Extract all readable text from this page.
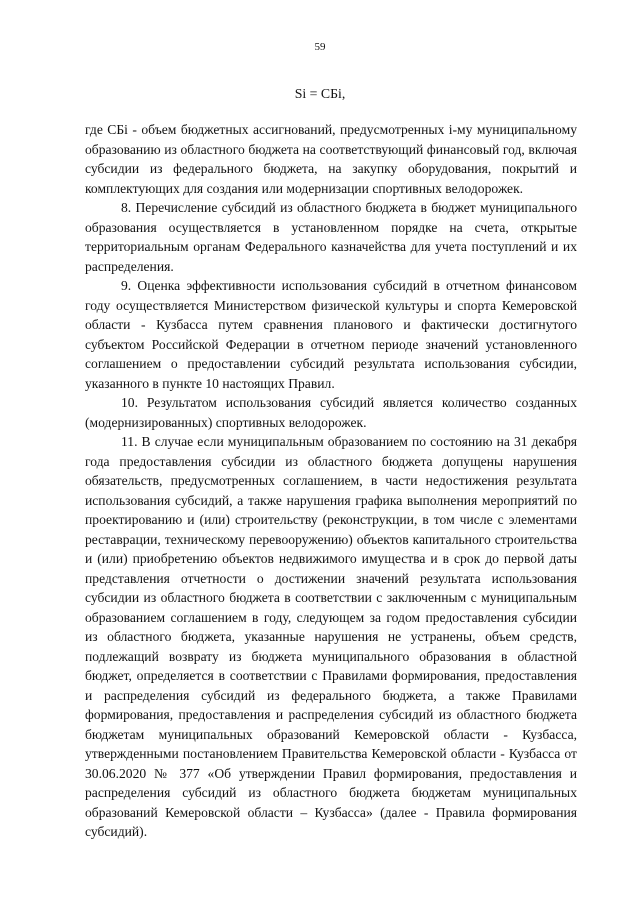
59
Si = СБi,

где СБi - объем бюджетных ассигнований, предусмотренных i-му муниципальному образованию из областного бюджета на соответствующий финансовый год, включая субсидии из федерального бюджета, на закупку оборудования, покрытий и комплектующих для создания или модернизации спортивных велодорожек.

8. Перечисление субсидий из областного бюджета в бюджет муниципального образования осуществляется в установленном порядке на счета, открытые территориальным органам Федерального казначейства для учета поступлений и их распределения.

9. Оценка эффективности использования субсидий в отчетном финансовом году осуществляется Министерством физической культуры и спорта Кемеровской области - Кузбасса путем сравнения планового и фактически достигнутого субъектом Российской Федерации в отчетном периоде значений установленного соглашением о предоставлении субсидий результата использования субсидии, указанного в пункте 10 настоящих Правил.

10. Результатом использования субсидий является количество созданных (модернизированных) спортивных велодорожек.

11. В случае если муниципальным образованием по состоянию на 31 декабря года предоставления субсидии из областного бюджета допущены нарушения обязательств, предусмотренных соглашением, в части недостижения результата использования субсидий, а также нарушения графика выполнения мероприятий по проектированию и (или) строительству (реконструкции, в том числе с элементами реставрации, техническому перевооружению) объектов капитального строительства и (или) приобретению объектов недвижимого имущества и в срок до первой даты представления отчетности о достижении значений результата использования субсидии из областного бюджета в соответствии с заключенным с муниципальным образованием соглашением в году, следующем за годом предоставления субсидии из областного бюджета, указанные нарушения не устранены, объем средств, подлежащий возврату из бюджета муниципального образования в областной бюджет, определяется в соответствии с Правилами формирования, предоставления и распределения субсидий из федерального бюджета, а также Правилами формирования, предоставления и распределения субсидий из областного бюджета бюджетам муниципальных образований Кемеровской области - Кузбасса, утвержденными постановлением Правительства Кемеровской области - Кузбасса от 30.06.2020 № 377 «Об утверждении Правил формирования, предоставления и распределения субсидий из областного бюджета бюджетам муниципальных образований Кемеровской области – Кузбасса» (далее - Правила формирования субсидий).
